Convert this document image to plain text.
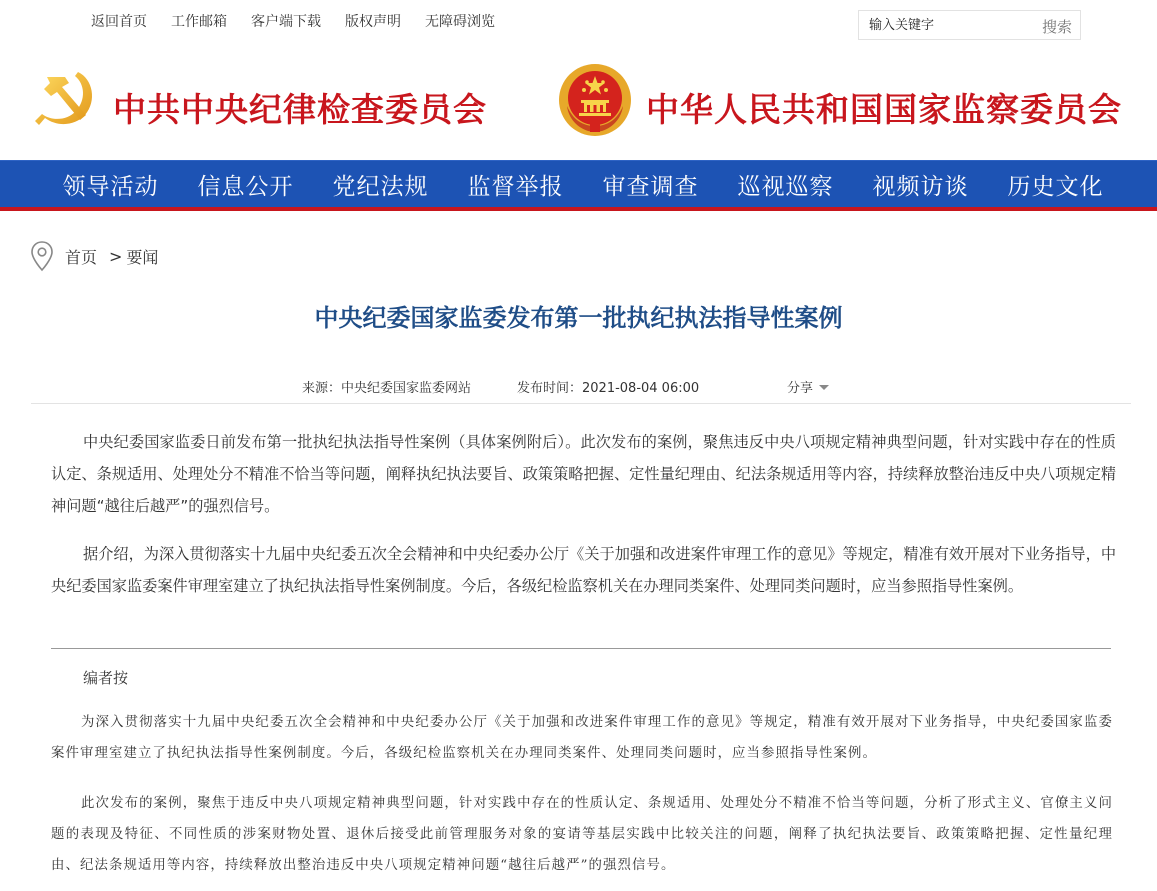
返回首页 工作邮箱 客户端下载 版权声明 无障碍浏览
输入关键字	搜索
中共中央纪律检查委员会	中华人民共和国国家监察委员会
领导活动	信息公开	党纪法规	监督举报	审查调查	巡视巡察	视频访谈	历史文化
首页 > 要闻
中央纪委国家监委发布第一批执纪执法指导性案例
来源：中央纪委国家监委网站	发布时间：2021-08-04 06:00	分享
中央纪委国家监委日前发布第一批执纪执法指导性案例（具体案例附后）。此次发布的案例，聚焦违反中央八项规定精神典型问题，针对实践中存在的性质认定、条规适用、处理处分不精准不恰当等问题，阐释执纪执法要旨、政策策略把握、定性量纪理由、纪法条规适用等内容，持续释放整治违反中央八项规定精神问题“越往后越严”的强烈信号。
据介绍，为深入贯彻落实十九届中央纪委五次全会精神和中央纪委办公厅《关于加强和改进案件审理工作的意见》等规定，精准有效开展对下业务指导，中央纪委国家监委案件审理室建立了执纪执法指导性案例制度。今后，各级纪检监察机关在办理同类案件、处理同类问题时，应当参照指导性案例。
编者按
为深入贯彻落实十九届中央纪委五次全会精神和中央纪委办公厅《关于加强和改进案件审理工作的意见》等规定，精准有效开展对下业务指导，中央纪委国家监委案件审理室建立了执纪执法指导性案例制度。今后，各级纪检监察机关在办理同类案件、处理同类问题时，应当参照指导性案例。
此次发布的案例，聚焦于违反中央八项规定精神典型问题，针对实践中存在的性质认定、条规适用、处理处分不精准不恰当等问题，分析了形式主义、官僚主义问题的表现及特征、不同性质的涉案财物处置、退休后接受此前管理服务对象的宴请等基层实践中比较关注的问题，阐释了执纪执法要旨、政策策略把握、定性量纪理由、纪法条规适用等内容，持续释放出整治违反中央八项规定精神问题“越往后越严”的强烈信号。
